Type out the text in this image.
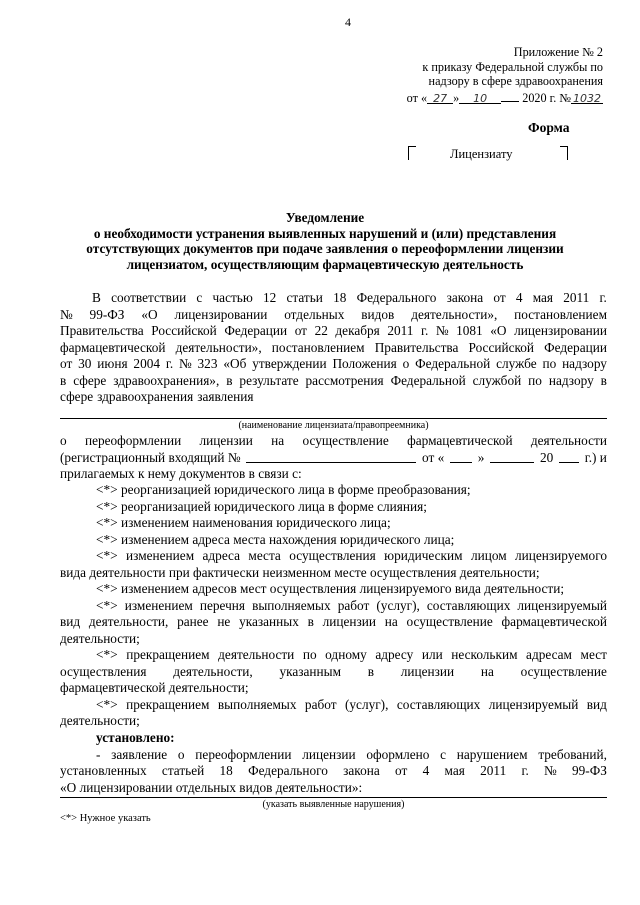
4
Приложение № 2
к приказу Федеральной службы по
надзору в сфере здравоохранения
от « 27 » 10	2020 г. № 1032
Форма
Лицензиату
Уведомление
о необходимости устранения выявленных нарушений и (или) представления
отсутствующих документов при подаче заявления о переоформлении лицензии
лицензиатом, осуществляющим фармацевтическую деятельность
В соответствии с частью 12 статьи 18 Федерального закона от 4 мая 2011 г.
№ 99-ФЗ «О лицензировании отдельных видов деятельности», постановлением
Правительства Российской Федерации от 22 декабря 2011 г. № 1081 «О лицензировании
фармацевтической деятельности», постановлением Правительства Российской Федерации
от 30 июня 2004 г. № 323 «Об утверждении Положения о Федеральной службе по надзору
в сфере здравоохранения», в результате рассмотрения Федеральной службой по надзору в
сфере здравоохранения заявления
(наименование лицензиата/правопреемника)
о переоформлении лицензии на осуществление фармацевтической деятельности
(регистрационный входящий №	от «	»	20 г.) и
прилагаемых к нему документов в связи с:
<*> реорганизацией юридического лица в форме преобразования;
<*> реорганизацией юридического лица в форме слияния;
<*> изменением наименования юридического лица;
<*> изменением адреса места нахождения юридического лица;
<*> изменением адреса места осуществления юридическим лицом лицензируемого
вида деятельности при фактически неизменном месте осуществления деятельности;
<*> изменением адресов мест осуществления лицензируемого вида деятельности;
<*> изменением перечня выполняемых работ (услуг), составляющих лицензируемый
вид деятельности, ранее не указанных в лицензии на осуществление фармацевтической
деятельности;
<*> прекращением деятельности по одному адресу или нескольким адресам мест
осуществления деятельности, указанным в лицензии на осуществление
фармацевтической деятельности;
<*> прекращением выполняемых работ (услуг), составляющих лицензируемый вид
деятельности;
установлено:
- заявление о переоформлении лицензии оформлено с нарушением требований,
установленных статьей 18 Федерального закона от 4 мая 2011 г. № 99-ФЗ
«О лицензировании отдельных видов деятельности»:
(указать выявленные нарушения)
<*> Нужное указать
